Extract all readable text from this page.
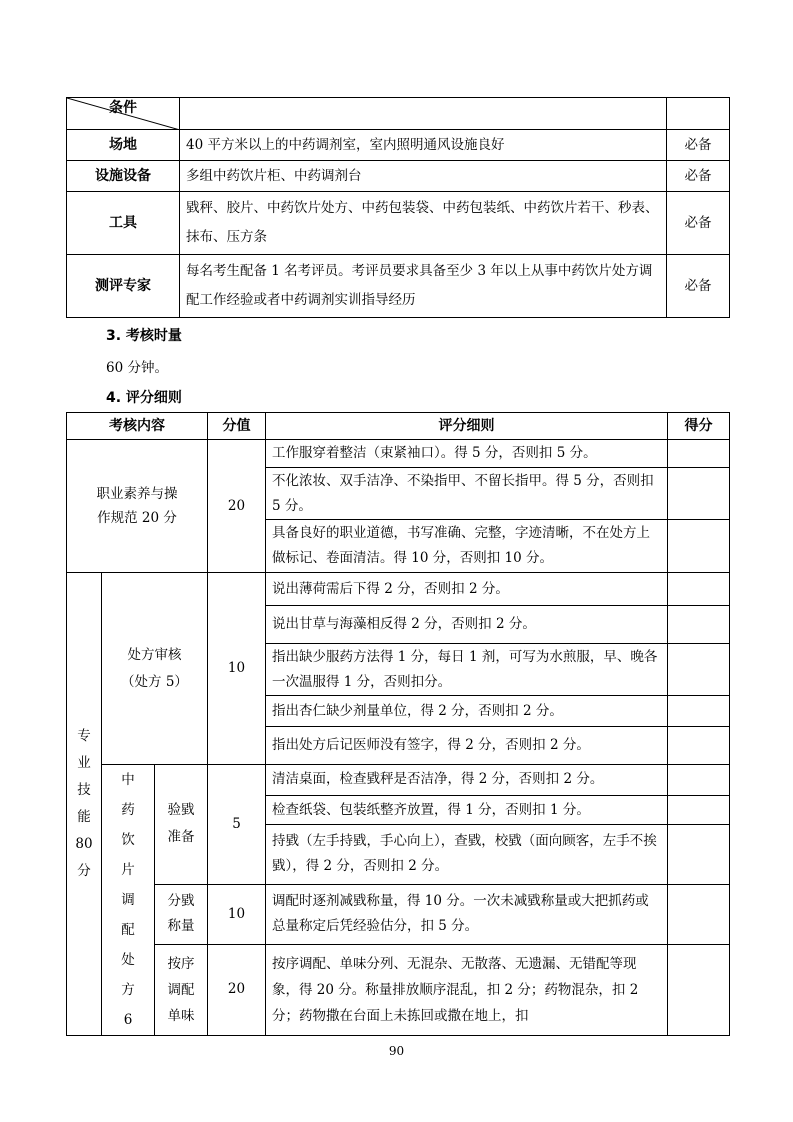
条件		

场地	40 平方米以上的中药调剂室，室内照明通风设施良好	必备
设施设备	多组中药饮片柜、中药调剂台	必备
工具	戥秤、胶片、中药饮片处方、中药包装袋、中药包装纸、中药饮片若干、秒表、抹布、压方条	必备
测评专家	每名考生配备 1 名考评员。考评员要求具备至少 3 年以上从事中药饮片处方调配工作经验或者中药调剂实训指导经历	必备
3. 考核时量
60 分钟。
4. 评分细则
考核内容			分值	评分细则	得分
职业素养与操作规范 20 分			20	工作服穿着整洁（束紧袖口）。得 5 分，否则扣 5 分。	
				不化浓妆、双手洁净、不染指甲、不留长指甲。得 5 分，否则扣 5 分。	
				具备良好的职业道德，书写准确、完整，字迹清晰，不在处方上做标记、卷面清洁。得 10 分，否则扣 10 分。	
专业技能 80 分	处方审核（处方 5）		10	说出薄荷需后下得 2 分，否则扣 2 分。	
				说出甘草与海藻相反得 2 分，否则扣 2 分。	
				指出缺少服药方法得 1 分，每日 1 剂，可写为水煎服，早、晚各一次温服得 1 分，否则扣分。	
				指出杏仁缺少剂量单位，得 2 分，否则扣 2 分。	
				指出处方后记医师没有签字，得 2 分，否则扣 2 分。	
	中药饮片调配处方 6	验戥准备	5	清洁桌面，检查戥秤是否洁净，得 2 分，否则扣 2 分。	
				检查纸袋、包装纸整齐放置，得 1 分，否则扣 1 分。	
				持戥（左手持戥，手心向上），查戥，校戥（面向顾客，左手不挨戥），得 2 分，否则扣 2 分。	
		分戥称量	10	调配时逐剂减戥称量，得 10 分。一次未减戥称量或大把抓药或总量称定后凭经验估分，扣 5 分。	
		按序调配单味	20	按序调配、单味分列、无混杂、无散落、无遗漏、无错配等现象，得 20 分。称量排放顺序混乱，扣 2 分；药物混杂，扣 2 分；药物撒在台面上未拣回或撒在地上，扣	
90
